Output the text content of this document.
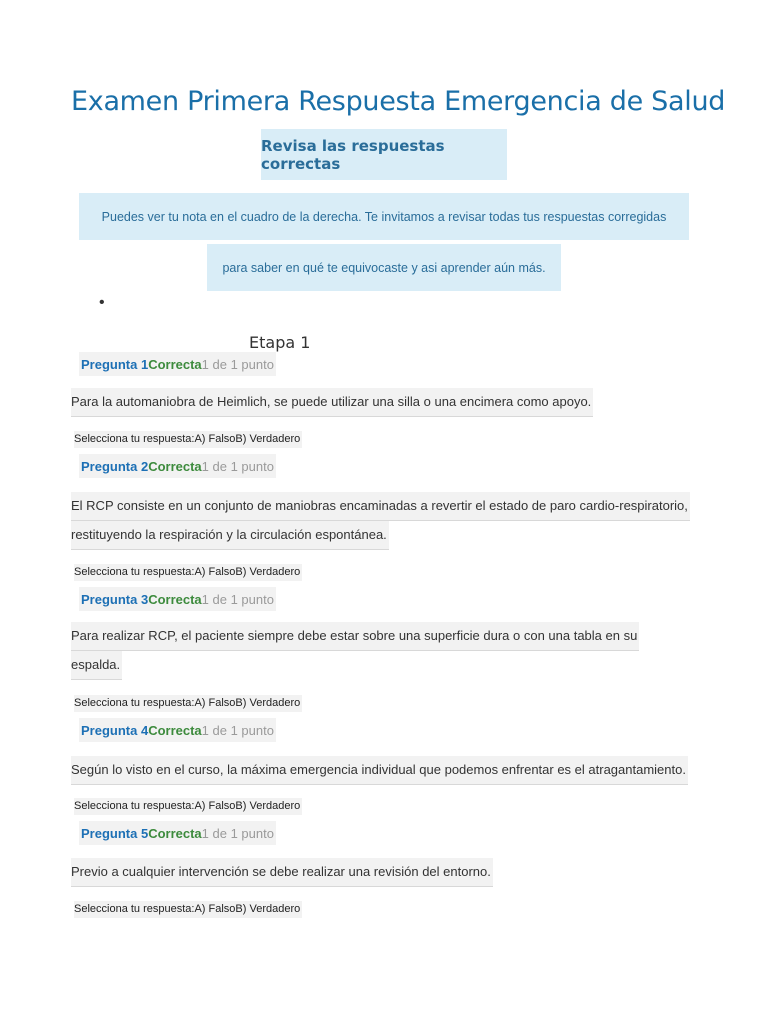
Examen Primera Respuesta Emergencia de Salud
Revisa las respuestas correctas
Puedes ver tu nota en el cuadro de la derecha. Te invitamos a revisar todas tus respuestas corregidas
para saber en qué te equivocaste y asi aprender aún más.
•
Etapa 1
Pregunta 1 Correcta 1 de 1 punto
Para la automaniobra de Heimlich, se puede utilizar una silla o una encimera como apoyo.
Selecciona tu respuesta:A) FalsoB) Verdadero
Pregunta 2 Correcta 1 de 1 punto
El RCP consiste en un conjunto de maniobras encaminadas a revertir el estado de paro cardio-respiratorio,
restituyendo la respiración y la circulación espontánea.
Selecciona tu respuesta:A) FalsoB) Verdadero
Pregunta 3 Correcta 1 de 1 punto
Para realizar RCP, el paciente siempre debe estar sobre una superficie dura o con una tabla en su
espalda.
Selecciona tu respuesta:A) FalsoB) Verdadero
Pregunta 4 Correcta 1 de 1 punto
Según lo visto en el curso, la máxima emergencia individual que podemos enfrentar es el atragantamiento.
Selecciona tu respuesta:A) FalsoB) Verdadero
Pregunta 5 Correcta 1 de 1 punto
Previo a cualquier intervención se debe realizar una revisión del entorno.
Selecciona tu respuesta:A) FalsoB) Verdadero
